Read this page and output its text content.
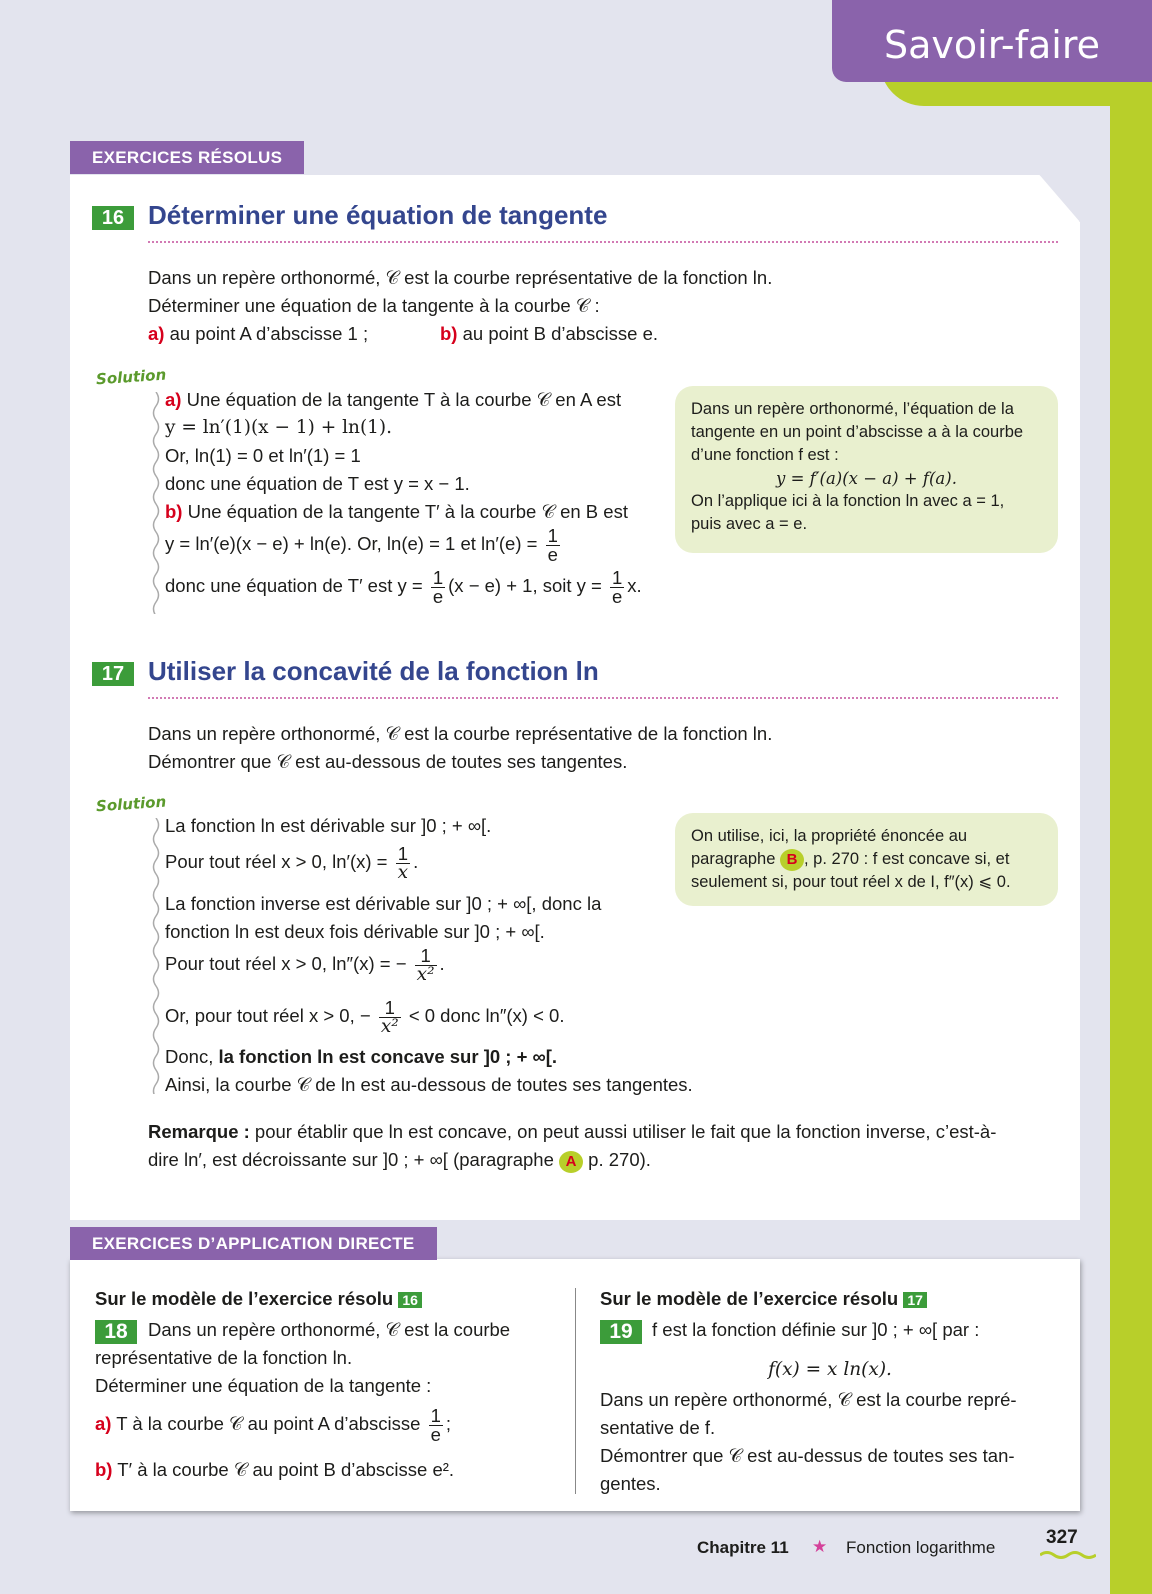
Savoir-faire
EXERCICES RÉSOLUS
16 Déterminer une équation de tangente
Dans un repère orthonormé, 𝒞 est la courbe représentative de la fonction ln.
Déterminer une équation de la tangente à la courbe 𝒞 :
a) au point A d’abscisse 1 ;	b) au point B d’abscisse e.
Solution
a) Une équation de la tangente T à la courbe 𝒞 en A est
y = ln′(1)(x − 1) + ln(1).
Or, ln(1) = 0 et ln′(1) = 1
donc une équation de T est y = x − 1.
b) Une équation de la tangente T′ à la courbe 𝒞 en B est
y = ln′(e)(x − e) + ln(e). Or, ln(e) = 1 et $\ln'(e) = \frac{1}{e}$
donc une équation de T′ est $y = \frac{1}{e} (x - e) + 1$, soit $y = \frac{1}{e} x$.
Dans un repère orthonormé, l’équation de la
tangente en un point d’abscisse a à la courbe
d’une fonction f est :
y = f′(a)(x − a) + f(a).
On l’applique ici à la fonction ln avec a = 1,
puis avec a = e.
17 Utiliser la concavité de la fonction ln
Dans un repère orthonormé, 𝒞 est la courbe représentative de la fonction ln.
Démontrer que 𝒞 est au-dessous de toutes ses tangentes.
Solution
La fonction ln est dérivable sur ]0 ; + ∞[.
Pour tout réel x > 0, $\ln'(x) = \frac{1}{x}$ .
La fonction inverse est dérivable sur ]0 ; + ∞[, donc la
fonction ln est deux fois dérivable sur ]0 ; + ∞[.
Pour tout réel x > 0, ln″(x) = − $\frac{1}{\text{x²}}$ .
Or, pour tout réel x > 0, − $\frac{1}{\text{x²}} < 0$ donc ln″(x) < 0.
Donc, la fonction ln est concave sur ]0 ; + ∞[.
Ainsi, la courbe 𝒞 de ln est au-dessous de toutes ses tangentes.
On utilise, ici, la propriété énoncée au
paragraphe B , p. 270 : f est concave si, et
seulement si, pour tout réel x de I, f″(x) ⩽ 0.
Remarque : pour établir que ln est concave, on peut aussi utiliser le fait que la fonction inverse, c’est-à-
dire ln′, est décroissante sur ]0 ; + ∞[ (paragraphe A p. 270).
EXERCICES D’APPLICATION DIRECTE
Sur le modèle de l’exercice résolu 16
18	Dans un repère orthonormé, 𝒞 est la courbe
représentative de la fonction ln.
Déterminer une équation de la tangente :
a) T à la courbe 𝒞 au point A d’abscisse $\frac{1}{e}$ ;
b) T′ à la courbe 𝒞 au point B d’abscisse e².
Sur le modèle de l’exercice résolu 17
19	f est la fonction définie sur ]0 ; + ∞[ par :
f(x) = x ln(x).
Dans un repère orthonormé, 𝒞 est la courbe repré-
sentative de f.
Démontrer que 𝒞 est au-dessus de toutes ses tan-
gentes.
Chapitre 11 ★ Fonction logarithme	327
